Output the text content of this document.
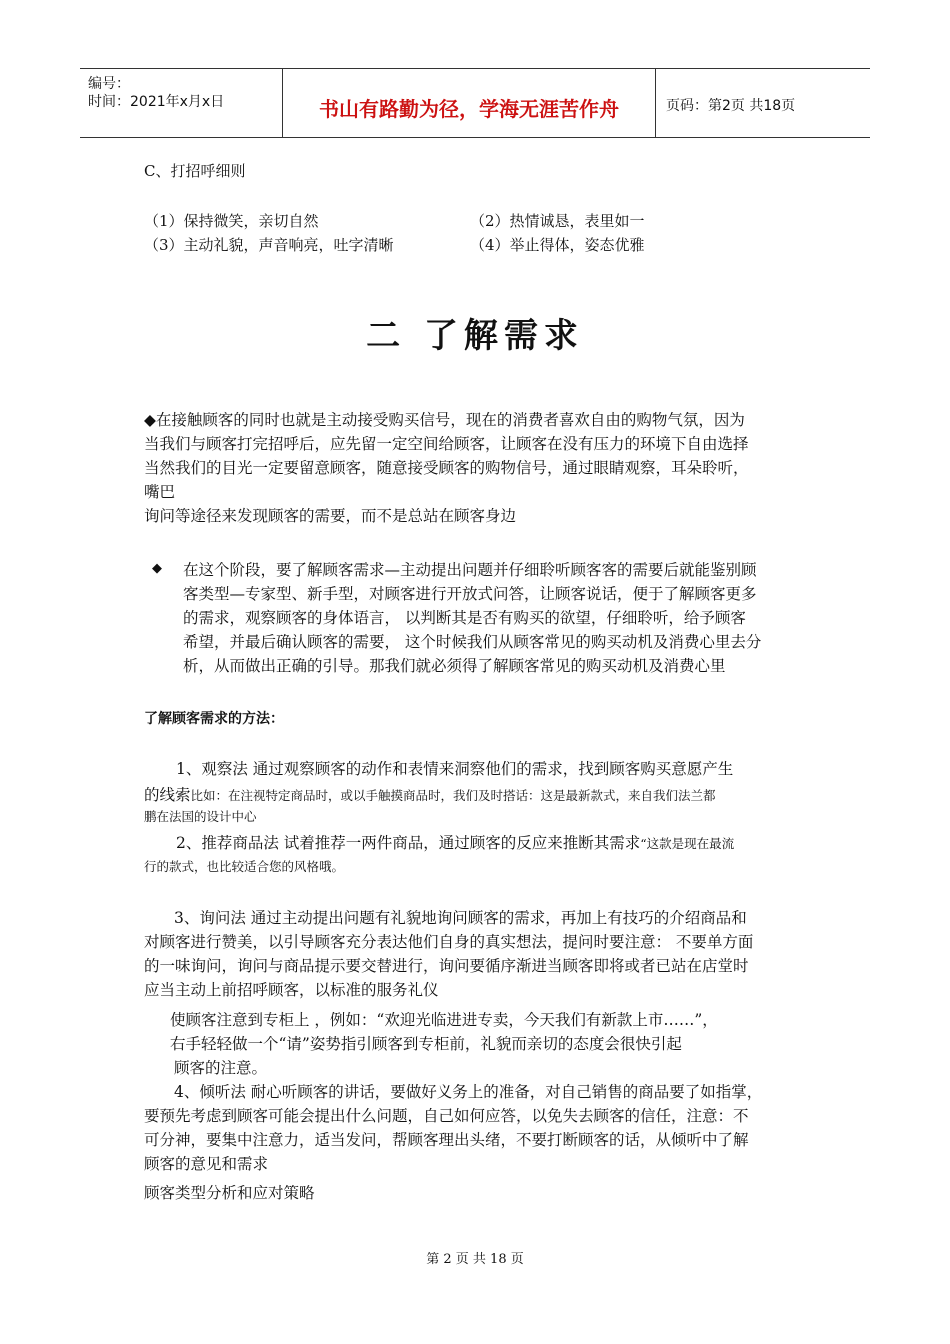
编号：
时间：2021年x月x日	书山有路勤为径，学海无涯苦作舟	页码：第2页 共18页
C、打招呼细则
（1）保持微笑，亲切自然	（2）热情诚恳，表里如一
（3）主动礼貌，声音响亮，吐字清晰	（4）举止得体，姿态优雅
二 了解需求
◆在接触顾客的同时也就是主动接受购买信号，现在的消费者喜欢自由的购物气氛，因为
当我们与顾客打完招呼后，应先留一定空间给顾客，让顾客在没有压力的环境下自由选择
当然我们的目光一定要留意顾客，随意接受顾客的购物信号，通过眼睛观察，耳朵聆听，
嘴巴
询问等途径来发现顾客的需要，而不是总站在顾客身边
◆ 在这个阶段，要了解顾客需求—主动提出问题并仔细聆听顾客客的需要后就能鉴别顾
客类型—专家型、新手型，对顾客进行开放式问答，让顾客说话，便于了解顾客更多
的需求，观察顾客的身体语言， 以判断其是否有购买的欲望，仔细聆听，给予顾客
希望，并最后确认顾客的需要， 这个时候我们从顾客常见的购买动机及消费心里去分
析，从而做出正确的引导。那我们就必须得了解顾客常见的购买动机及消费心里
了解顾客需求的方法：
1、观察法 通过观察顾客的动作和表情来洞察他们的需求，找到顾客购买意愿产生
的线索比如：在注视特定商品时，或以手触摸商品时，我们及时搭话：这是最新款式，来自我们法兰都
鹏在法国的设计中心
2、推荐商品法 试着推荐一两件商品，通过顾客的反应来推断其需求“这款是现在最流
行的款式，也比较适合您的风格哦。
3、询问法 通过主动提出问题有礼貌地询问顾客的需求，再加上有技巧的介绍商品和
对顾客进行赞美，以引导顾客充分表达他们自身的真实想法，提问时要注意： 不要单方面
的一味询问，询问与商品提示要交替进行，询问要循序渐进当顾客即将或者已站在店堂时
应当主动上前招呼顾客，以标准的服务礼仪
使顾客注意到专柜上 ，例如：“欢迎光临进进专卖，今天我们有新款上市……”，
右手轻轻做一个“请”姿势指引顾客到专柜前，礼貌而亲切的态度会很快引起
顾客的注意。
4、倾听法 耐心听顾客的讲话，要做好义务上的准备，对自己销售的商品要了如指掌，
要预先考虑到顾客可能会提出什么问题，自己如何应答，以免失去顾客的信任，注意：不
可分神，要集中注意力，适当发问，帮顾客理出头绪，不要打断顾客的话，从倾听中了解
顾客的意见和需求
顾客类型分析和应对策略
第 2 页 共 18 页
